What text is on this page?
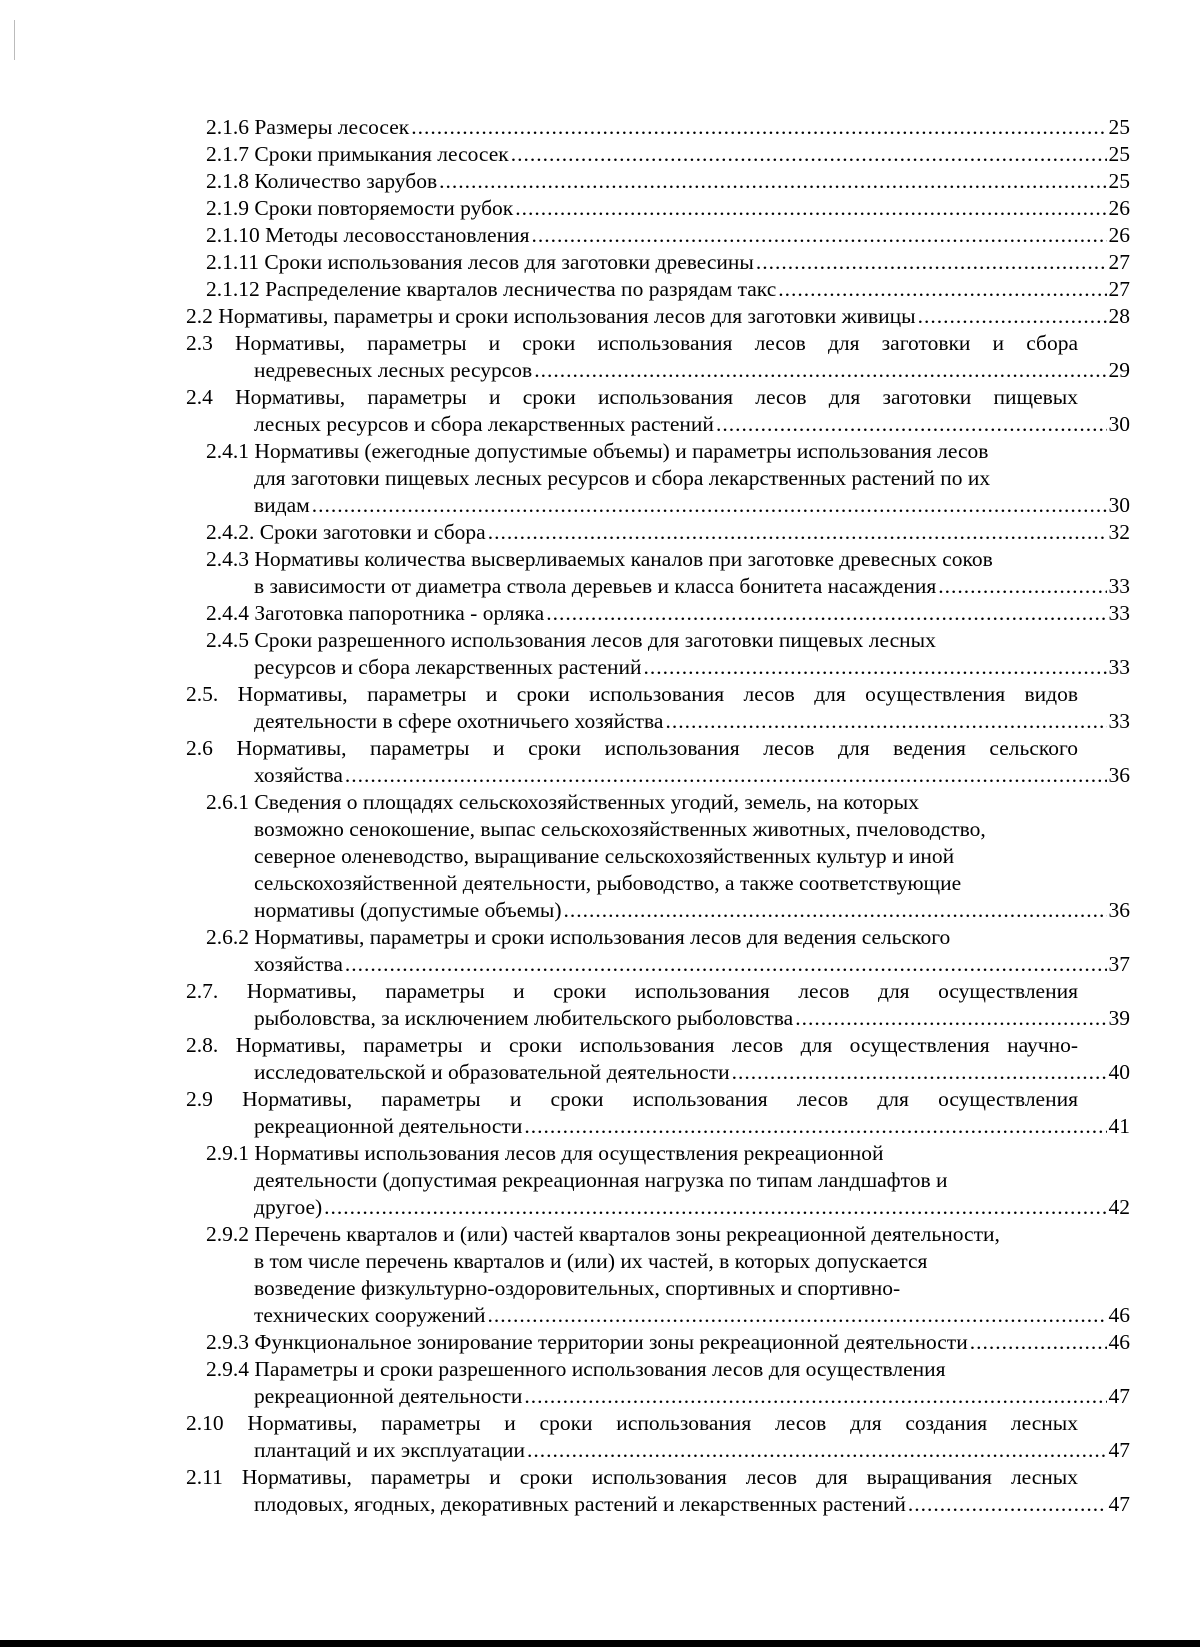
2.1.6 Размеры лесосек .....	25
2.1.7 Сроки примыкания лесосек .....	25
2.1.8 Количество зарубов .....	25
2.1.9 Сроки повторяемости рубок .....	26
2.1.10 Методы лесовосстановления .....	26
2.1.11 Сроки использования лесов для заготовки древесины .....	27
2.1.12 Распределение кварталов лесничества по разрядам такс .....	27
2.2 Нормативы, параметры и сроки использования лесов для заготовки живицы .....	28
2.3 Нормативы, параметры и сроки использования лесов для заготовки и сбора
недревесных лесных ресурсов .....	29
2.4 Нормативы, параметры и сроки использования лесов для заготовки пищевых
лесных ресурсов и сбора лекарственных растений .....	30
2.4.1 Нормативы (ежегодные допустимые объемы) и параметры использования лесов
для заготовки пищевых лесных ресурсов и сбора лекарственных растений по их
видам .....	30
2.4.2. Сроки заготовки и сбора .....	32
2.4.3 Нормативы количества высверливаемых каналов при заготовке древесных соков
в зависимости от диаметра ствола деревьев и класса бонитета насаждения .....	33
2.4.4 Заготовка папоротника - орляка .....	33
2.4.5 Сроки разрешенного использования лесов для заготовки пищевых лесных
ресурсов и сбора лекарственных растений .....	33
2.5. Нормативы, параметры и сроки использования лесов для осуществления видов
деятельности в сфере охотничьего хозяйства .....	33
2.6 Нормативы, параметры и сроки использования лесов для ведения сельского
хозяйства .....	36
2.6.1 Сведения о площадях сельскохозяйственных угодий, земель, на которых
возможно сенокошение, выпас сельскохозяйственных животных, пчеловодство,
северное оленеводство, выращивание сельскохозяйственных культур и иной
сельскохозяйственной деятельности, рыбоводство, а также соответствующие
нормативы (допустимые объемы) .....	36
2.6.2 Нормативы, параметры и сроки использования лесов для ведения сельского
хозяйства .....	37
2.7. Нормативы, параметры и сроки использования лесов для осуществления
рыболовства, за исключением любительского рыболовства .....	39
2.8. Нормативы, параметры и сроки использования лесов для осуществления научно-
исследовательской и образовательной деятельности .....	40
2.9 Нормативы, параметры и сроки использования лесов для осуществления
рекреационной деятельности .....	41
2.9.1 Нормативы использования лесов для осуществления рекреационной
деятельности (допустимая рекреационная нагрузка по типам ландшафтов и
другое) .....	42
2.9.2 Перечень кварталов и (или) частей кварталов зоны рекреационной деятельности,
в том числе перечень кварталов и (или) их частей, в которых допускается
возведение физкультурно-оздоровительных, спортивных и спортивно-
технических сооружений .....	46
2.9.3 Функциональное зонирование территории зоны рекреационной деятельности .....	46
2.9.4 Параметры и сроки разрешенного использования лесов для осуществления
рекреационной деятельности .....	47
2.10 Нормативы, параметры и сроки использования лесов для создания лесных
плантаций и их эксплуатации .....	47
2.11 Нормативы, параметры и сроки использования лесов для выращивания лесных
плодовых, ягодных, декоративных растений и лекарственных растений .....	47
